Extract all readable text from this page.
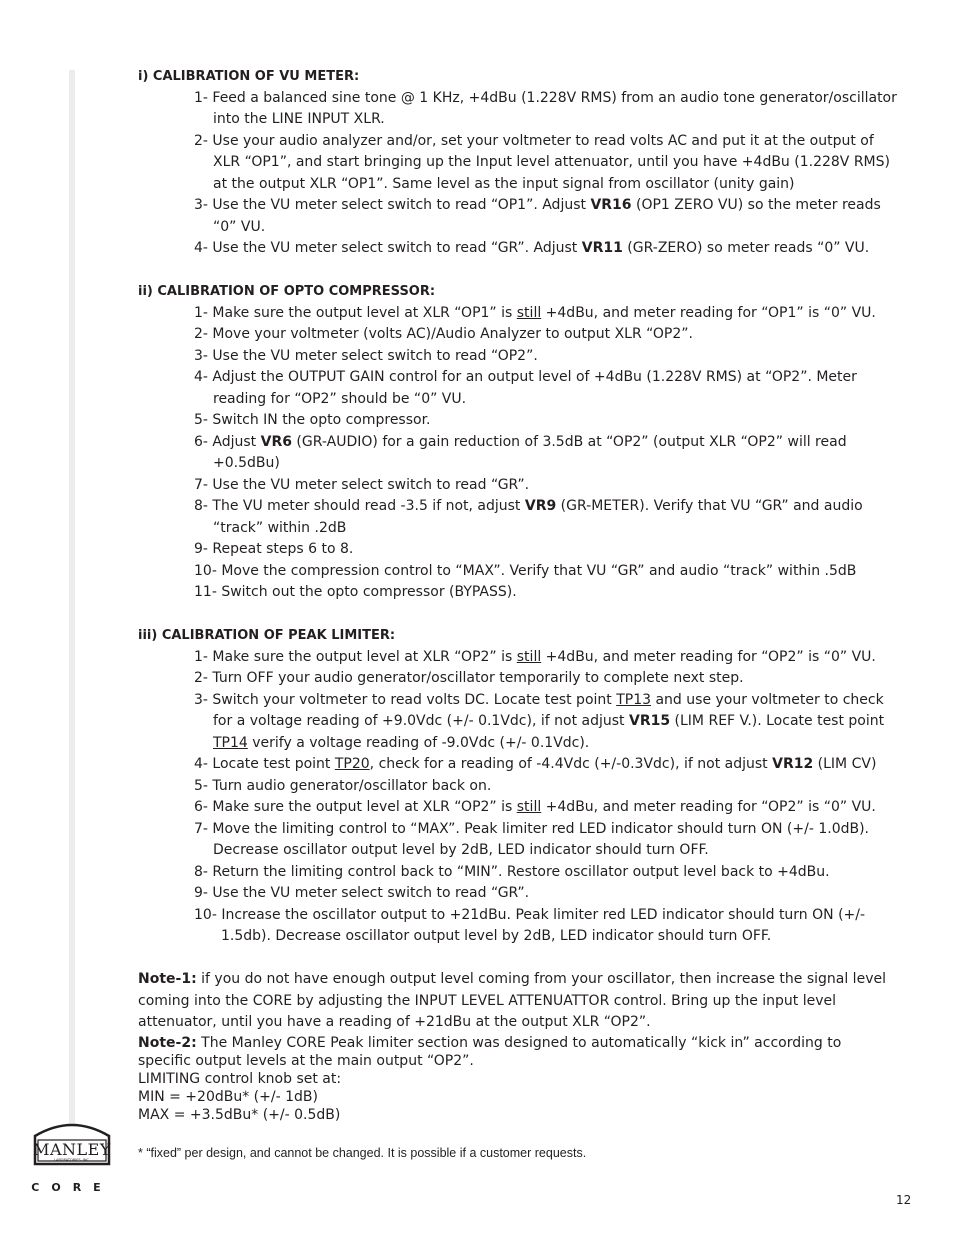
i) CALIBRATION OF VU METER:

1- Feed a balanced sine tone @ 1 KHz, +4dBu (1.228V RMS) from an audio tone generator/oscillator into the LINE INPUT XLR.
2- Use your audio analyzer and/or, set your voltmeter to read volts AC and put it at the output of XLR “OP1”, and start bringing up the Input level attenuator, until you have +4dBu (1.228V RMS) at the output XLR “OP1”. Same level as the input signal from oscillator (unity gain)
3- Use the VU meter select switch to read “OP1”. Adjust VR16 (OP1 ZERO VU) so the meter reads “0” VU.
4- Use the VU meter select switch to read “GR”. Adjust VR11 (GR-ZERO) so meter reads “0” VU.

ii) CALIBRATION OF OPTO COMPRESSOR:

1- Make sure the output level at XLR “OP1” is still +4dBu, and meter reading for “OP1” is “0” VU.
2- Move your voltmeter (volts AC)/Audio Analyzer to output XLR “OP2”.
3- Use the VU meter select switch to read “OP2”.
4- Adjust the OUTPUT GAIN control for an output level of +4dBu (1.228V RMS) at “OP2”. Meter reading for “OP2” should be “0” VU.
5- Switch IN the opto compressor.
6- Adjust VR6 (GR-AUDIO) for a gain reduction of 3.5dB at “OP2” (output XLR “OP2” will read +0.5dBu)
7- Use the VU meter select switch to read “GR”.
8- The VU meter should read -3.5 if not, adjust VR9 (GR-METER). Verify that VU “GR” and audio “track” within .2dB
9- Repeat steps 6 to 8.
10- Move the compression control to “MAX”. Verify that VU “GR” and audio “track” within .5dB
11- Switch out the opto compressor (BYPASS).

iii) CALIBRATION OF PEAK LIMITER:

1- Make sure the output level at XLR “OP2” is still +4dBu, and meter reading for “OP2” is “0” VU.
2- Turn OFF your audio generator/oscillator temporarily to complete next step.
3- Switch your voltmeter to read volts DC. Locate test point TP13 and use your voltmeter to check for a voltage reading of +9.0Vdc (+/- 0.1Vdc), if not adjust VR15 (LIM REF V.). Locate test point TP14 verify a voltage reading of -9.0Vdc (+/- 0.1Vdc).
4- Locate test point TP20, check for a reading of -4.4Vdc (+/-0.3Vdc), if not adjust VR12 (LIM CV)
5- Turn audio generator/oscillator back on.
6- Make sure the output level at XLR “OP2” is still +4dBu, and meter reading for “OP2” is “0” VU.
7- Move the limiting control to “MAX”. Peak limiter red LED indicator should turn ON (+/- 1.0dB). Decrease oscillator output level by 2dB, LED indicator should turn OFF.
8- Return the limiting control back to “MIN”. Restore oscillator output level back to +4dBu.
9- Use the VU meter select switch to read “GR”.
10- Increase the oscillator output to +21dBu. Peak limiter red LED indicator should turn ON (+/- 1.5db). Decrease oscillator output level by 2dB, LED indicator should turn OFF.

Note-1: if you do not have enough output level coming from your oscillator, then increase the signal level coming into the CORE by adjusting the INPUT LEVEL ATTENUATTOR control. Bring up the input level attenuator, until you have a reading of +21dBu at the output XLR “OP2”.

Note-2: The Manley CORE Peak limiter section was designed to automatically “kick in” according to specific output levels at the main output “OP2”.

LIMITING control knob set at:

MIN = +20dBu* (+/- 1dB)

MAX = +3.5dBu* (+/- 0.5dB)

* “fixed” per design, and cannot be changed. It is possible if a customer requests.
12
MANLEY
LABORATORIES, INC.
CORE
